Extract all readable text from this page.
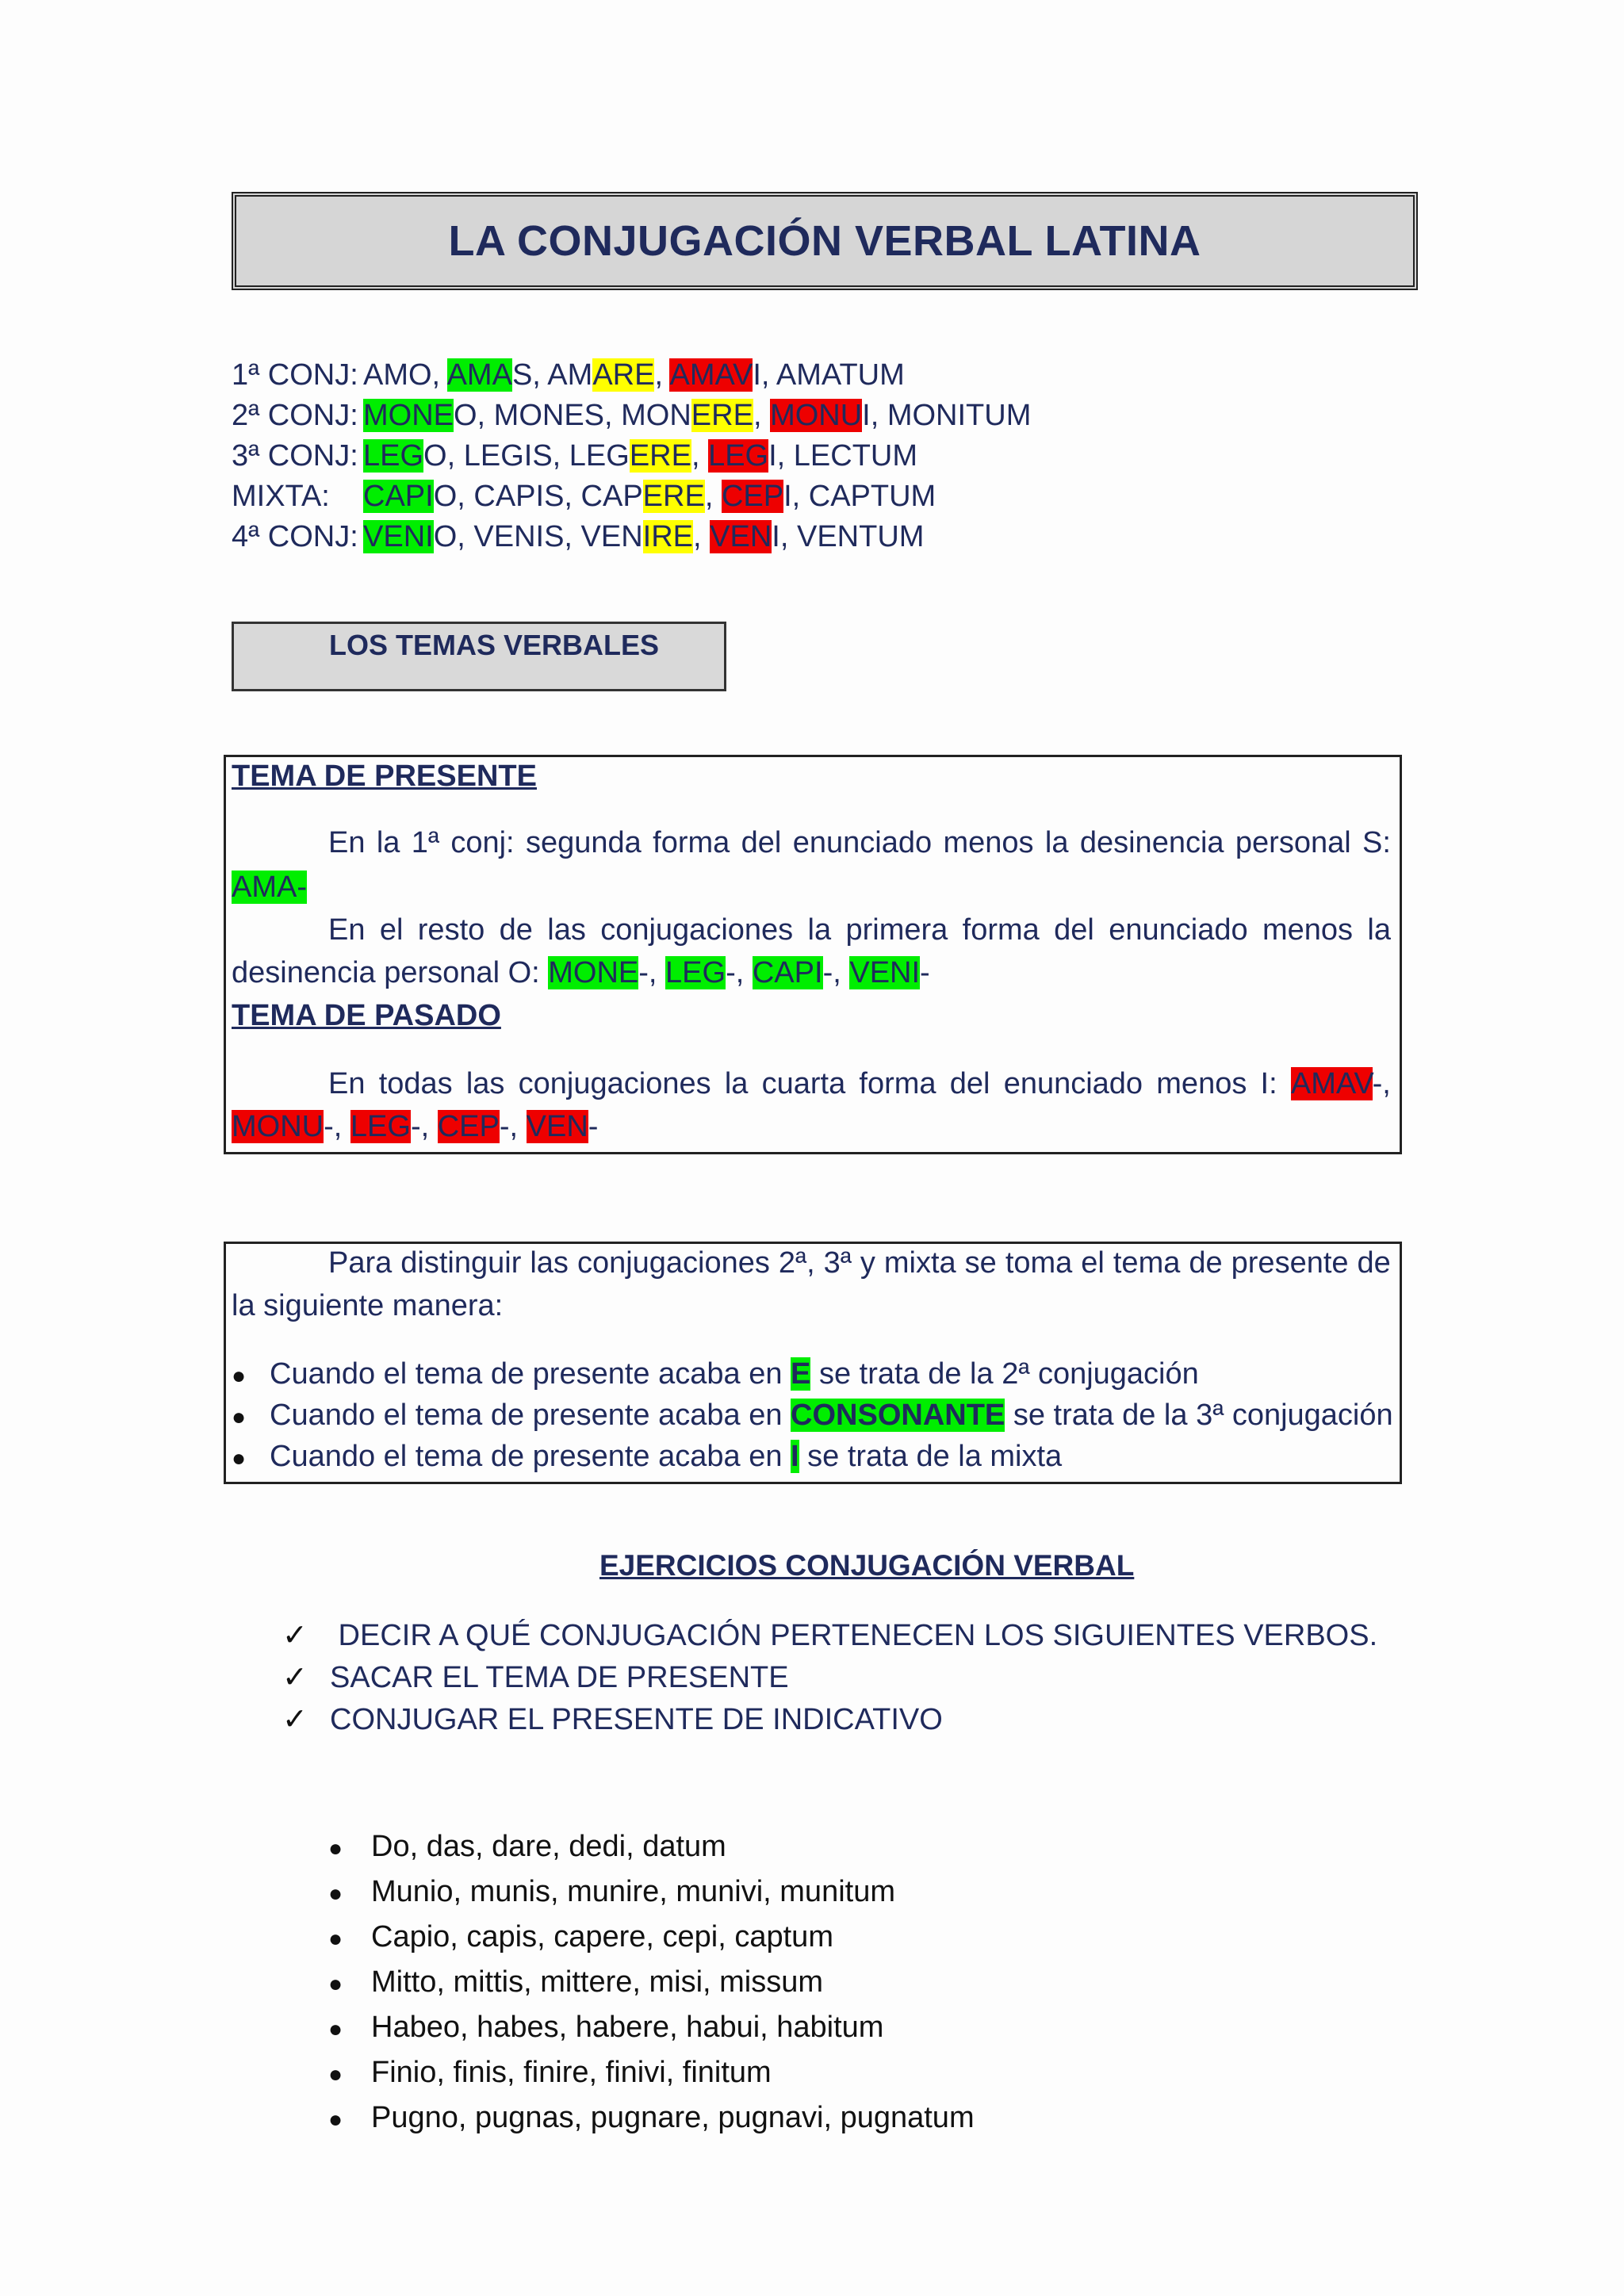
LA CONJUGACIÓN VERBAL LATINA
1ª CONJ: AMO, AMAS, AMARE, AMAVI, AMATUM
2ª CONJ: MONEO, MONES, MONERE, MONUI, MONITUM
3ª CONJ: LEGO, LEGIS, LEGERE, LEGI, LECTUM
MIXTA: CAPIO, CAPIS, CAPERE, CEPI, CAPTUM
4ª CONJ: VENIO, VENIS, VENIRE, VENI, VENTUM
LOS TEMAS VERBALES
TEMA DE PRESENTE
En la 1ª conj: segunda forma del enunciado menos la desinencia personal S:
AMA-
En el resto de las conjugaciones la primera forma del enunciado menos la
desinencia personal O: MONE-, LEG-, CAPI-, VENI-
TEMA DE PASADO
En todas las conjugaciones la cuarta forma del enunciado menos I: AMAV-,
MONU-, LEG-, CEP-, VEN-
Para distinguir las conjugaciones 2ª, 3ª y mixta se toma el tema de presente de
la siguiente manera:
● Cuando el tema de presente acaba en E se trata de la 2ª conjugación
● Cuando el tema de presente acaba en CONSONANTE se trata de la 3ª conjugación
● Cuando el tema de presente acaba en I se trata de la mixta
EJERCICIOS CONJUGACIÓN VERBAL
✓ DECIR A QUÉ CONJUGACIÓN PERTENECEN LOS SIGUIENTES VERBOS.
✓ SACAR EL TEMA DE PRESENTE
✓ CONJUGAR EL PRESENTE DE INDICATIVO
● Do, das, dare, dedi, datum
● Munio, munis, munire, munivi, munitum
● Capio, capis, capere, cepi, captum
● Mitto, mittis, mittere, misi, missum
● Habeo, habes, habere, habui, habitum
● Finio, finis, finire, finivi, finitum
● Pugno, pugnas, pugnare, pugnavi, pugnatum
